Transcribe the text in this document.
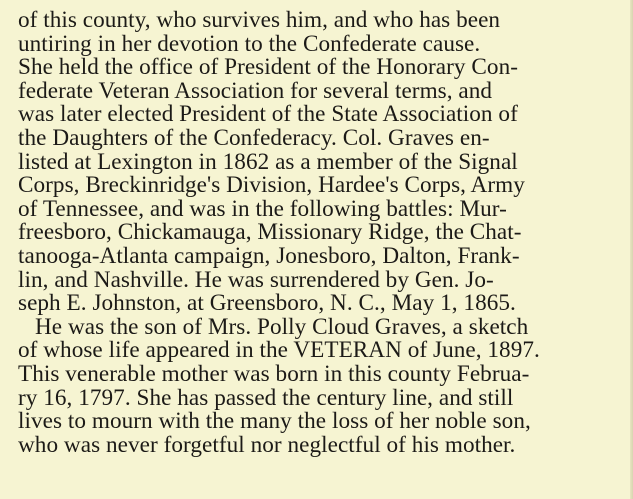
of this county, who survives him, and who has been
untiring in her devotion to the Confederate cause.
She held the office of President of the Honorary Con-
federate Veteran Association for several terms, and
was later elected President of the State Association of
the Daughters of the Confederacy. Col. Graves en-
listed at Lexington in 1862 as a member of the Signal
Corps, Breckinridge's Division, Hardee's Corps, Army
of Tennessee, and was in the following battles: Mur-
freesboro, Chickamauga, Missionary Ridge, the Chat-
tanooga-Atlanta campaign, Jonesboro, Dalton, Frank-
lin, and Nashville. He was surrendered by Gen. Jo-
seph E. Johnston, at Greensboro, N. C., May 1, 1865.
He was the son of Mrs. Polly Cloud Graves, a sketch
of whose life appeared in the VETERAN of June, 1897.
This venerable mother was born in this county Februa-
ry 16, 1797. She has passed the century line, and still
lives to mourn with the many the loss of her noble son,
who was never forgetful nor neglectful of his mother.
